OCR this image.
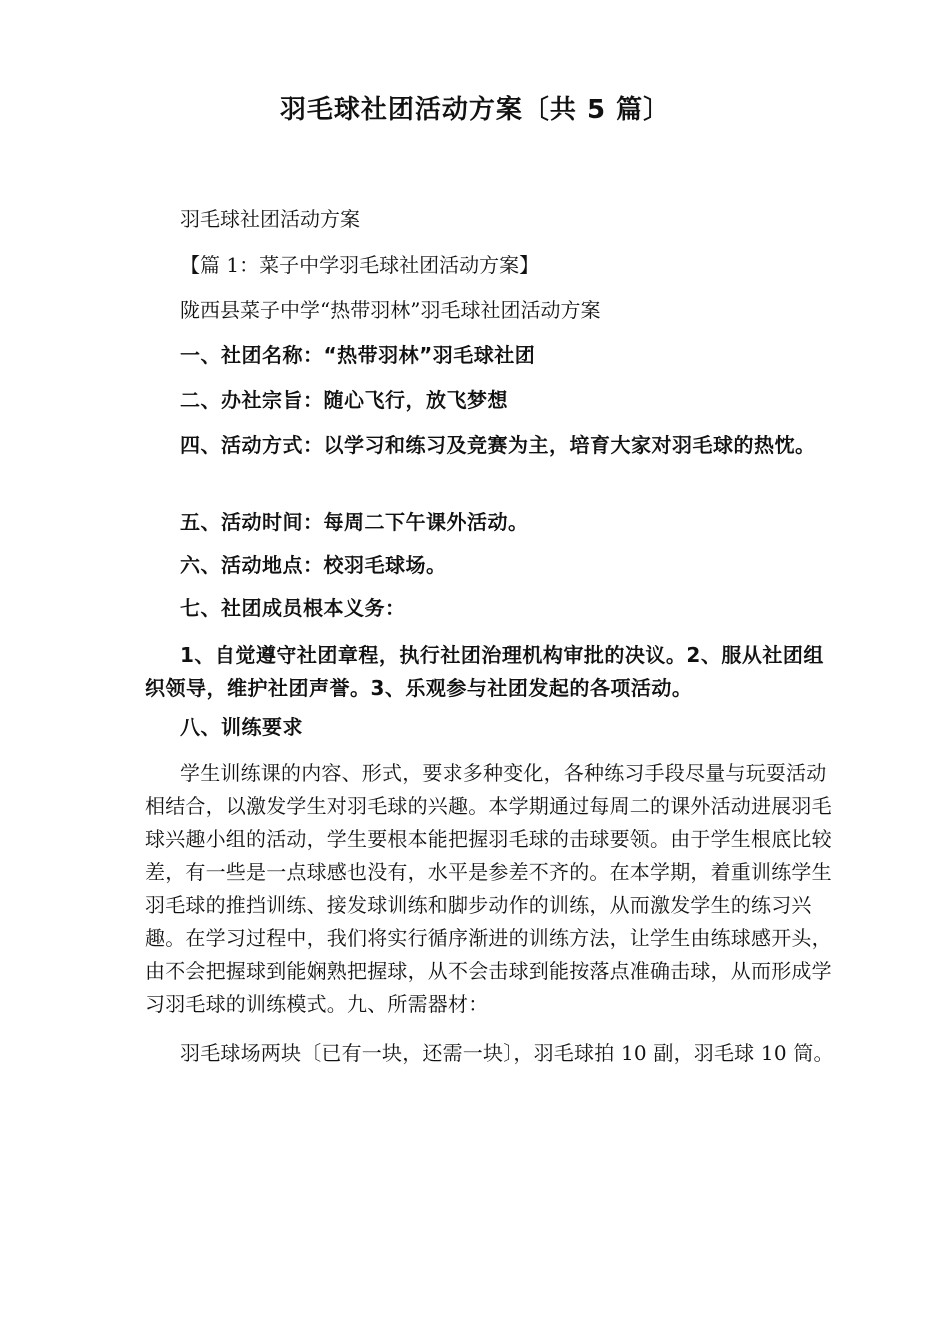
羽毛球社团活动方案〔共 5 篇〕
羽毛球社团活动方案
【篇 1：菜子中学羽毛球社团活动方案】
陇西县菜子中学“热带羽林”羽毛球社团活动方案
一、社团名称：“热带羽林”羽毛球社团
二、办社宗旨：随心飞行，放飞梦想
四、活动方式：以学习和练习及竞赛为主，培育大家对羽毛球的热忱。
五、活动时间：每周二下午课外活动。
六、活动地点：校羽毛球场。
七、社团成员根本义务：
1、自觉遵守社团章程，执行社团治理机构审批的决议。2、服从社团组织领导，维护社团声誉。3、乐观参与社团发起的各项活动。
八、训练要求
学生训练课的内容、形式，要求多种变化，各种练习手段尽量与玩耍活动相结合，以激发学生对羽毛球的兴趣。本学期通过每周二的课外活动进展羽毛球兴趣小组的活动，学生要根本能把握羽毛球的击球要领。由于学生根底比较差，有一些是一点球感也没有，水平是参差不齐的。在本学期，着重训练学生羽毛球的推挡训练、接发球训练和脚步动作的训练，从而激发学生的练习兴趣。在学习过程中，我们将实行循序渐进的训练方法，让学生由练球感开头，由不会把握球到能娴熟把握球，从不会击球到能按落点准确击球，从而形成学习羽毛球的训练模式。九、所需器材：
羽毛球场两块〔已有一块，还需一块〕，羽毛球拍 10 副，羽毛球 10 筒。
